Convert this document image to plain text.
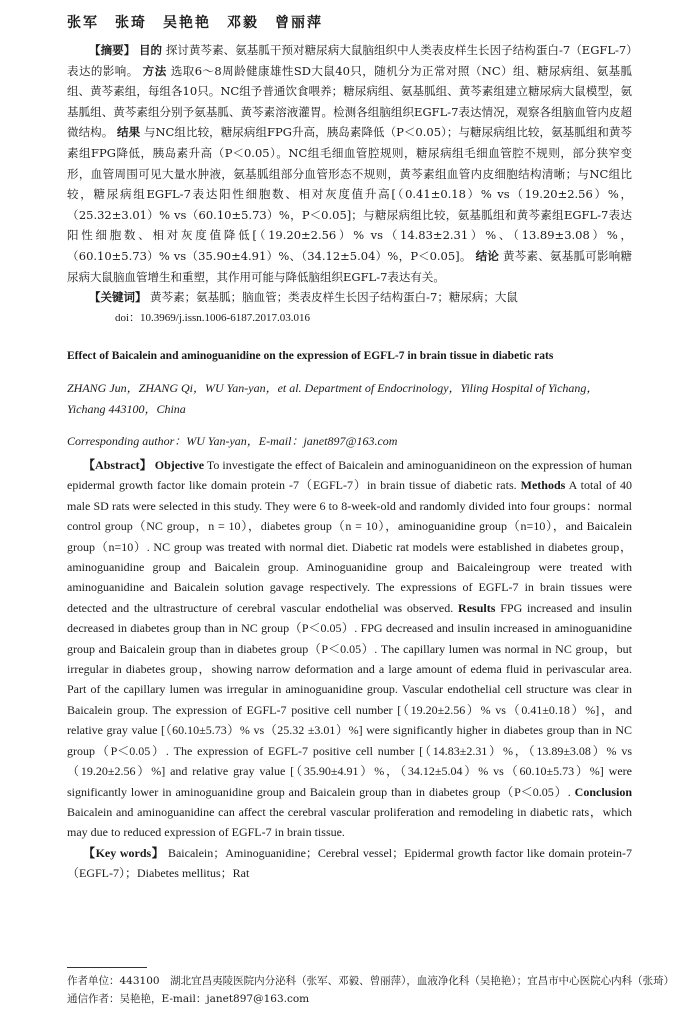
张军　张琦　吴艳艳　邓毅　曾丽萍

【摘要】 目的 探讨黄芩素、氨基胍干预对糖尿病大鼠脑组织中人类表皮样生长因子结构蛋白-7（EGFL-7）表达的影响。 方法 选取6～8周龄健康雄性SD大鼠40只，随机分为正常对照（NC）组、糖尿病组、氨基胍组、黄芩素组，每组各10只。NC组予普通饮食喂养；糖尿病组、氨基胍组、黄芩素组建立糖尿病大鼠模型，氨基胍组、黄芩素组分别予氨基胍、黄芩素溶液灌胃。检测各组脑组织EGFL-7表达情况，观察各组脑血管内皮超微结构。 结果 与NC组比较，糖尿病组FPG升高，胰岛素降低（P＜0.05）；与糖尿病组比较，氨基胍组和黄芩素组FPG降低，胰岛素升高（P＜0.05）。NC组毛细血管腔规则，糖尿病组毛细血管腔不规则，部分狭窄变形，血管周围可见大量水肿液，氨基胍组部分血管形态不规则，黄芩素组血管内皮细胞结构清晰；与NC组比较，糖尿病组EGFL-7表达阳性细胞数、相对灰度值升高[（0.41±0.18）% vs（19.20±2.56）%，（25.32±3.01）% vs（60.10±5.73）%，P＜0.05]；与糖尿病组比较，氨基胍组和黄芩素组EGFL-7表达阳性细胞数、相对灰度值降低[（19.20±2.56）% vs（14.83±2.31）%、（13.89±3.08）%，（60.10±5.73）% vs（35.90±4.91）%、（34.12±5.04）%，P＜0.05]。 结论 黄芩素、氨基胍可影响糖尿病大鼠脑血管增生和重塑，其作用可能与降低脑组织EGFL-7表达有关。

【关键词】 黄芩素；氨基胍；脑血管；类表皮样生长因子结构蛋白-7；糖尿病；大鼠

doi：10.3969/j.issn.1006-6187.2017.03.016

Effect of Baicalein and aminoguanidine on the expression of EGFL-7 in brain tissue in diabetic rats
ZHANG Jun，ZHANG Qi，WU Yan-yan，et al. Department of Endocrinology，Yiling Hospital of Yichang，Yichang 443100，China
Corresponding author：WU Yan-yan，E-mail：janet897@163.com

【Abstract】 Objective To investigate the effect of Baicalein and aminoguanidineon on the expression of human epidermal growth factor like domain protein -7（EGFL-7）in brain tissue of diabetic rats. Methods A total of 40 male SD rats were selected in this study. They were 6 to 8-week-old and randomly divided into four groups：normal control group（NC group，n = 10），diabetes group（n = 10），aminoguanidine group（n=10），and Baicalein group（n=10）. NC group was treated with normal diet. Diabetic rat models were established in diabetes group，aminoguanidine group and Baicalein group. Aminoguanidine group and Baicaleingroup were treated with aminoguanidine and Baicalein solution gavage respectively. The expressions of EGFL-7 in brain tissues were detected and the ultrastructure of cerebral vascular endothelial was observed. Results FPG increased and insulin decreased in diabetes group than in NC group（P＜0.05）. FPG decreased and insulin increased in aminoguanidine group and Baicalein group than in diabetes group（P＜0.05）. The capillary lumen was normal in NC group，but irregular in diabetes group，showing narrow deformation and a large amount of edema fluid in perivascular area. Part of the capillary lumen was irregular in aminoguanidine group. Vascular endothelial cell structure was clear in Baicalein group. The expression of EGFL-7 positive cell number [（19.20±2.56）% vs（0.41±0.18）%]，and relative gray value [（60.10±5.73）% vs（25.32 ±3.01）%] were significantly higher in diabetes group than in NC group（P＜0.05）. The expression of EGFL-7 positive cell number [（14.83±2.31）%，（13.89±3.08）% vs（19.20±2.56）%] and relative gray value [（35.90±4.91）%，（34.12±5.04）% vs（60.10±5.73）%] were significantly lower in aminoguanidine group and Baicalein group than in diabetes group（P＜0.05）. Conclusion Baicalein and aminoguanidine can affect the cerebral vascular proliferation and remodeling in diabetic rats，which may due to reduced expression of EGFL-7 in brain tissue.

【Key words】 Baicalein；Aminoguanidine；Cerebral vessel；Epidermal growth factor like domain protein-7（EGFL-7）；Diabetes mellitus；Rat

作者单位：443100　湖北宜昌夷陵医院内分泌科（张军、邓毅、曾丽萍），血液净化科（吴艳艳）；宜昌市中心医院心内科（张琦）

通信作者：吴艳艳，E-mail：janet897@163.com
